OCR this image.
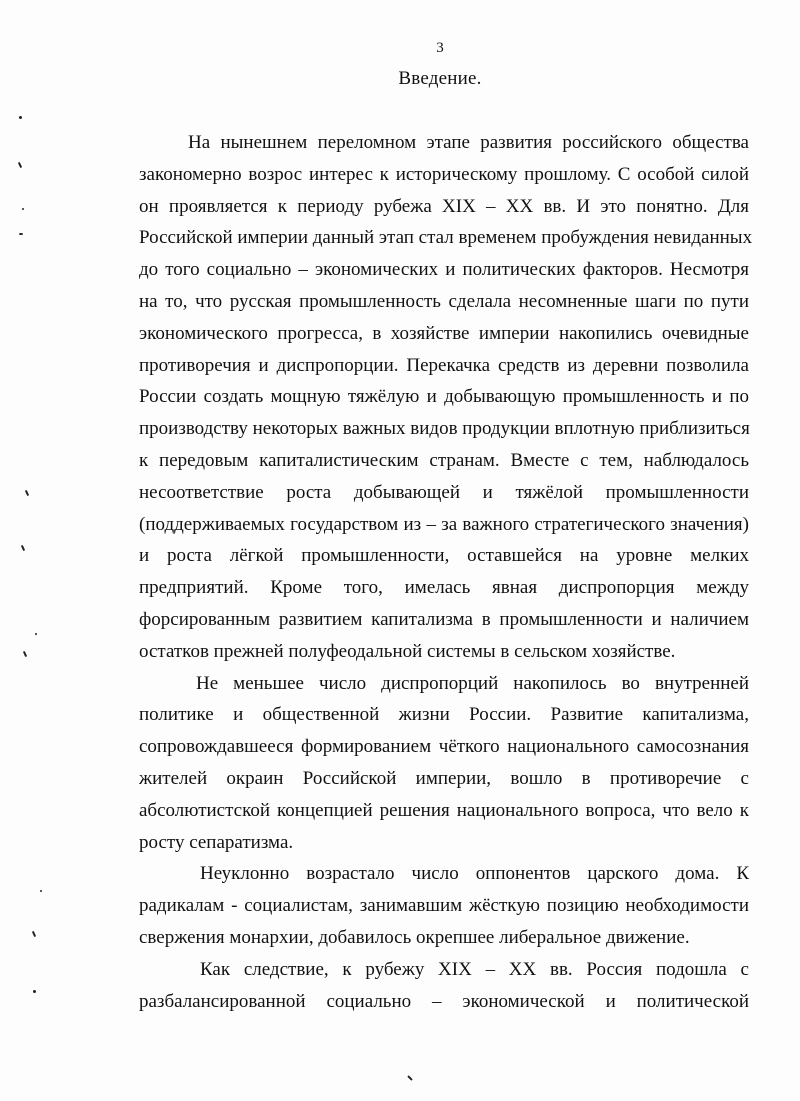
3
Введение.
На нынешнем переломном этапе развития российского общества
закономерно возрос интерес к историческому прошлому. С особой силой
он проявляется к периоду рубежа XIX – XX вв. И это понятно. Для
Российской империи данный этап стал временем пробуждения невиданных
до того социально – экономических и политических факторов. Несмотря
на то, что русская промышленность сделала несомненные шаги по пути
экономического прогресса, в хозяйстве империи накопились очевидные
противоречия и диспропорции. Перекачка средств из деревни позволила
России создать мощную тяжёлую и добывающую промышленность и по
производству некоторых важных видов продукции вплотную приблизиться
к передовым капиталистическим странам. Вместе с тем, наблюдалось
несоответствие роста добывающей и тяжёлой промышленности
(поддерживаемых государством из – за важного стратегического значения)
и роста лёгкой промышленности, оставшейся на уровне мелких
предприятий. Кроме того, имелась явная диспропорция между
форсированным развитием капитализма в промышленности и наличием
остатков прежней полуфеодальной системы в сельском хозяйстве.
Не меньшее число диспропорций накопилось во внутренней
политике и общественной жизни России. Развитие капитализма,
сопровождавшееся формированием чёткого национального самосознания
жителей окраин Российской империи, вошло в противоречие с
абсолютистской концепцией решения национального вопроса, что вело к
росту сепаратизма.
Неуклонно возрастало число оппонентов царского дома. К
радикалам - социалистам, занимавшим жёсткую позицию необходимости
свержения монархии, добавилось окрепшее либеральное движение.
Как следствие, к рубежу XIX – XX вв. Россия подошла с
разбалансированной социально – экономической и политической
